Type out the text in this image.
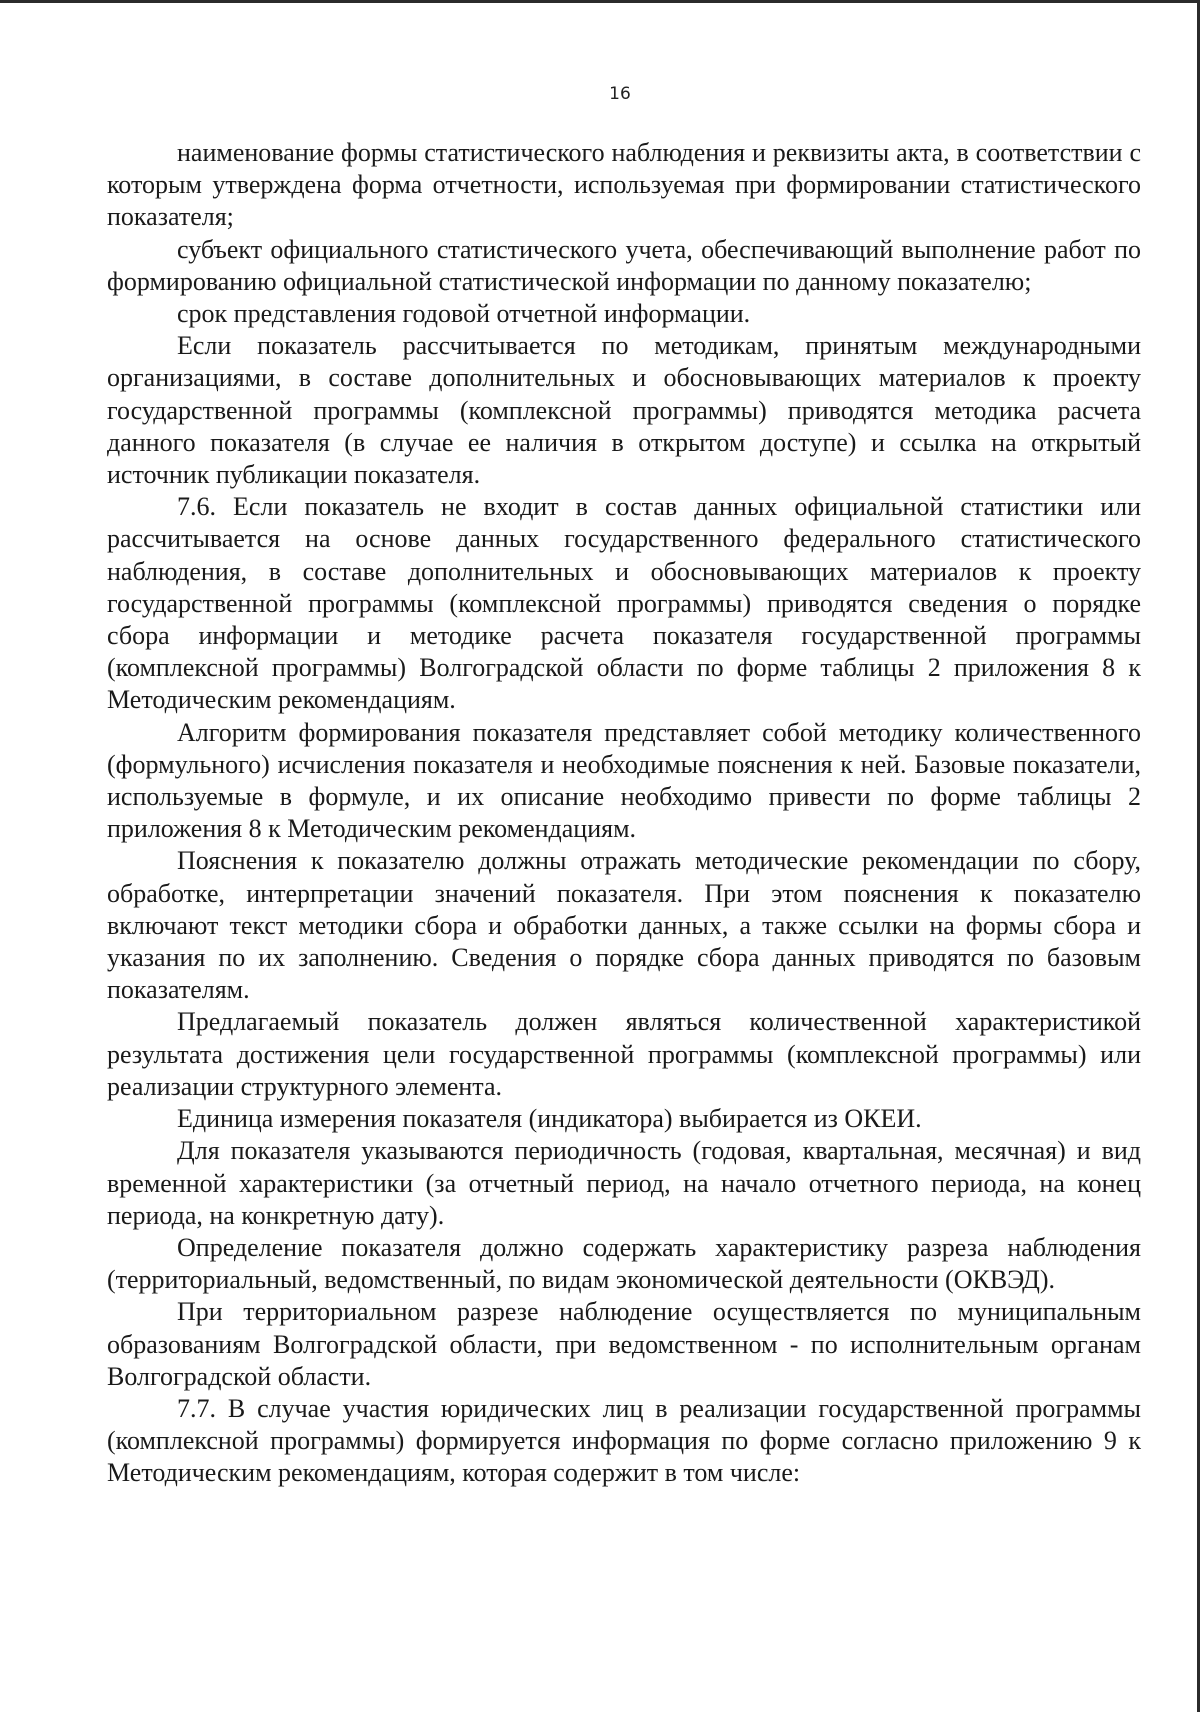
16

наименование формы статистического наблюдения и реквизиты акта, в соответствии с которым утверждена форма отчетности, используемая при формировании статистического показателя;

субъект официального статистического учета, обеспечивающий выполнение работ по формированию официальной статистической информации по данному показателю;

срок представления годовой отчетной информации.

Если показатель рассчитывается по методикам, принятым международными организациями, в составе дополнительных и обосновывающих материалов к проекту государственной программы (комплексной программы) приводятся методика расчета данного показателя (в случае ее наличия в открытом доступе) и ссылка на открытый источник публикации показателя.

7.6. Если показатель не входит в состав данных официальной статистики или рассчитывается на основе данных государственного федерального статистического наблюдения, в составе дополнительных и обосновывающих материалов к проекту государственной программы (комплексной программы) приводятся сведения о порядке сбора информации и методике расчета показателя государственной программы (комплексной программы) Волгоградской области по форме таблицы 2 приложения 8 к Методическим рекомендациям.

Алгоритм формирования показателя представляет собой методику количественного (формульного) исчисления показателя и необходимые пояснения к ней. Базовые показатели, используемые в формуле, и их описание необходимо привести по форме таблицы 2 приложения 8 к Методическим рекомендациям.

Пояснения к показателю должны отражать методические рекомендации по сбору, обработке, интерпретации значений показателя. При этом пояснения к показателю включают текст методики сбора и обработки данных, а также ссылки на формы сбора и указания по их заполнению. Сведения о порядке сбора данных приводятся по базовым показателям.

Предлагаемый показатель должен являться количественной характеристикой результата достижения цели государственной программы (комплексной программы) или реализации структурного элемента.

Единица измерения показателя (индикатора) выбирается из ОКЕИ.

Для показателя указываются периодичность (годовая, квартальная, месячная) и вид временной характеристики (за отчетный период, на начало отчетного периода, на конец периода, на конкретную дату).

Определение показателя должно содержать характеристику разреза наблюдения (территориальный, ведомственный, по видам экономической деятельности (ОКВЭД).

При территориальном разрезе наблюдение осуществляется по муниципальным образованиям Волгоградской области, при ведомственном - по исполнительным органам Волгоградской области.

7.7. В случае участия юридических лиц в реализации государственной программы (комплексной программы) формируется информация по форме согласно приложению 9 к Методическим рекомендациям, которая содержит в том числе:
